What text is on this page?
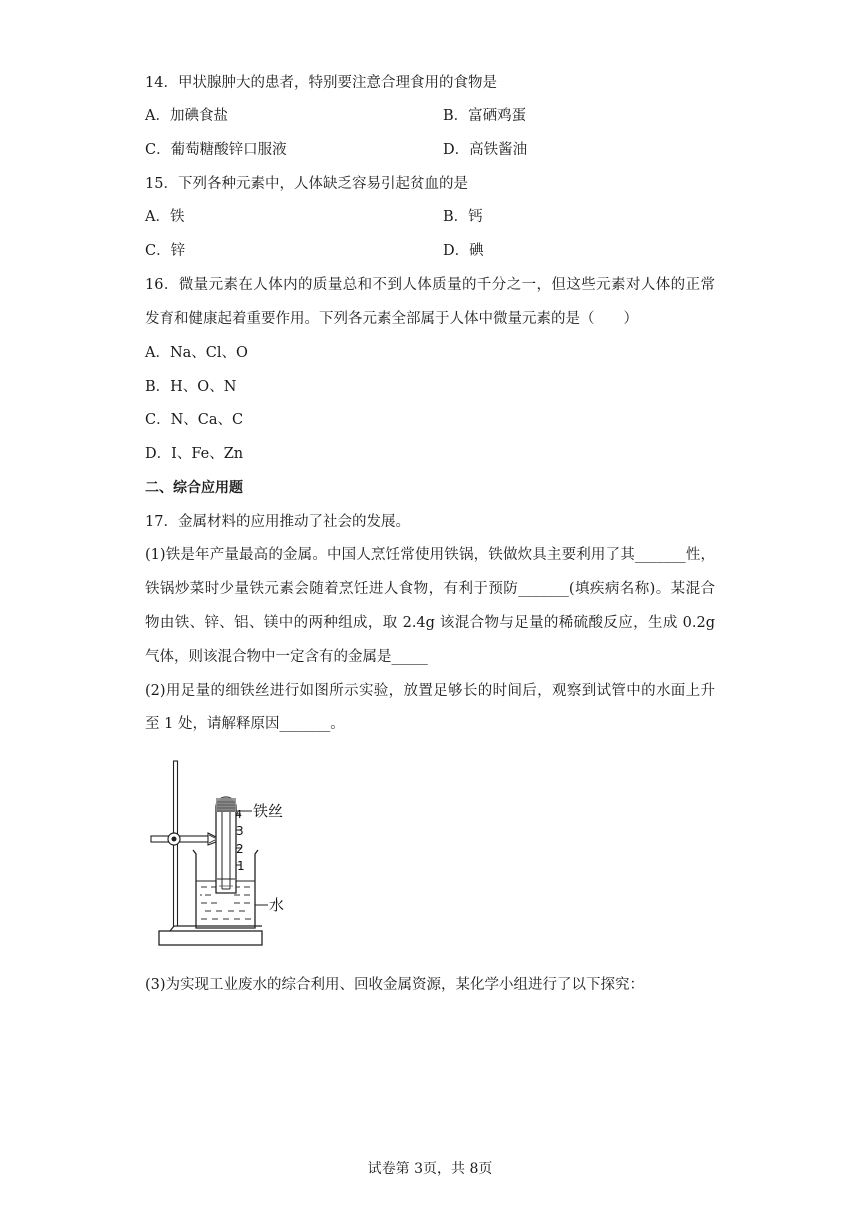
14．甲状腺肿大的患者，特别要注意合理食用的食物是
A．加碘食盐	B．富硒鸡蛋
C．葡萄糖酸锌口服液	D．高铁酱油
15．下列各种元素中，人体缺乏容易引起贫血的是
A．铁	B．钙
C．锌	D．碘
16．微量元素在人体内的质量总和不到人体质量的千分之一，但这些元素对人体的正常
发育和健康起着重要作用。下列各元素全部属于人体中微量元素的是（　　）
A．Na、Cl、O
B．H、O、N
C．N、Ca、C
D．I、Fe、Zn
二、综合应用题
17．金属材料的应用推动了社会的发展。
(1)铁是年产量最高的金属。中国人烹饪常使用铁锅，铁做炊具主要利用了其_______性，
铁锅炒菜时少量铁元素会随着烹饪进人食物，有利于预防_______(填疾病名称)。某混合
物由铁、锌、铝、镁中的两种组成，取 2.4g 该混合物与足量的稀硫酸反应，生成 0.2g
气体，则该混合物中一定含有的金属是_____
(2)用足量的细铁丝进行如图所示实验，放置足够长的时间后，观察到试管中的水面上升
至 1 处，请解释原因_______。
4
3
2
1
铁丝
水
(3)为实现工业废水的综合利用、回收金属资源，某化学小组进行了以下探究：
试卷第 3页，共 8页
